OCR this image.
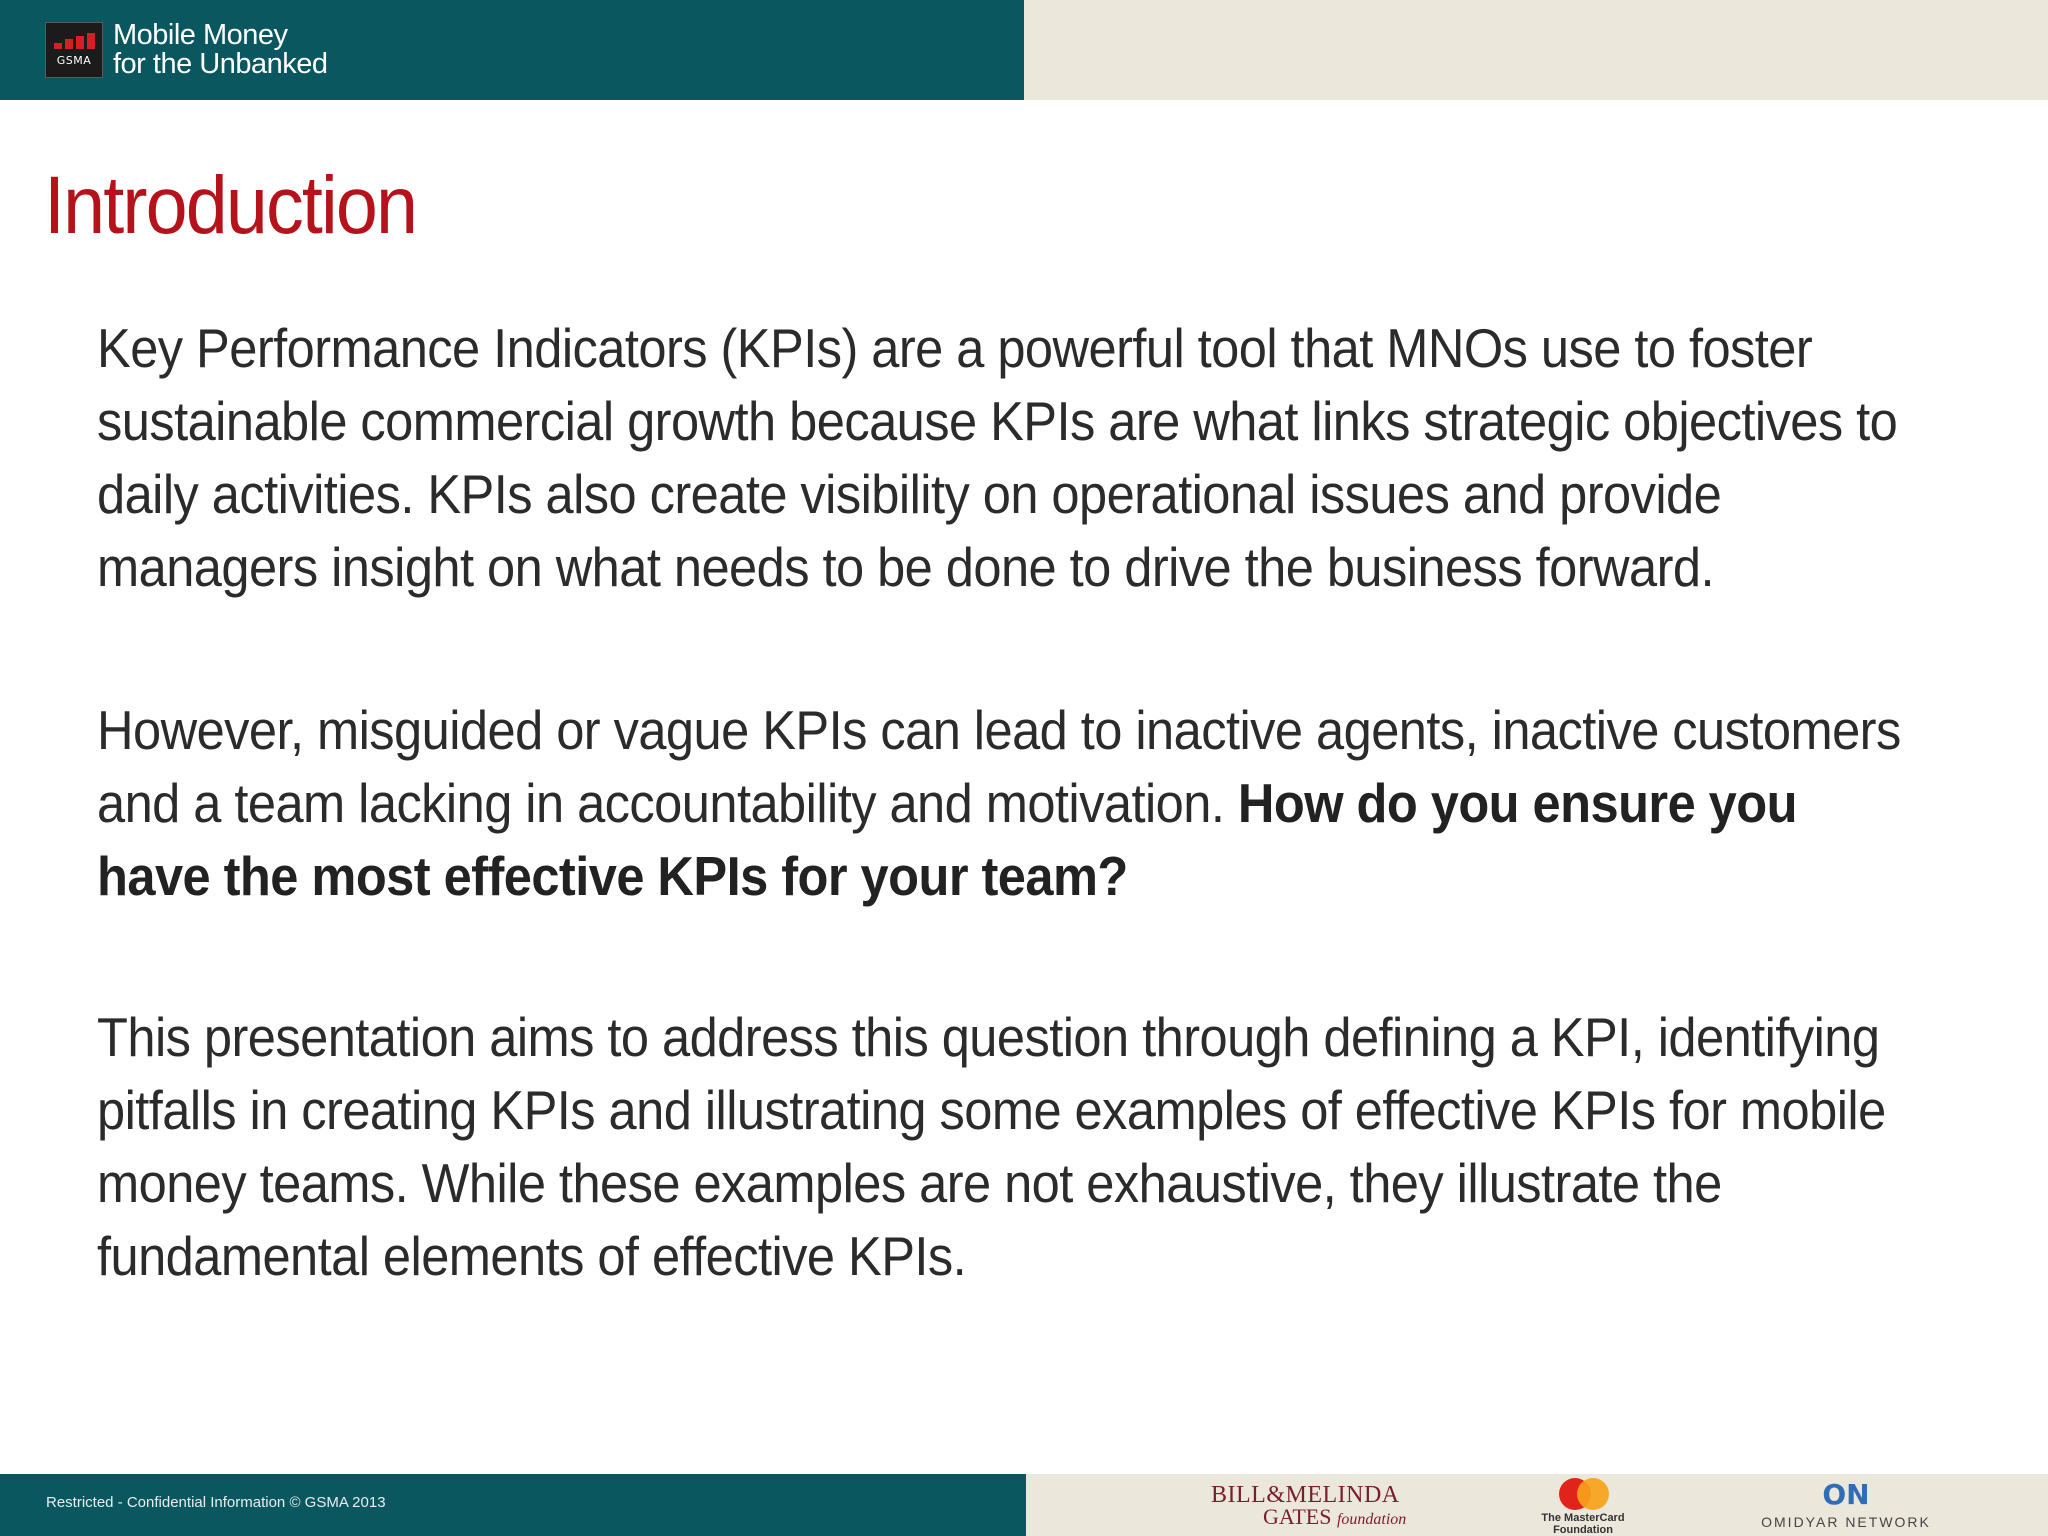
GSMA
Mobile Money
for the Unbanked
Introduction

Key Performance Indicators (KPIs) are a powerful tool that MNOs use to foster
sustainable commercial growth because KPIs are what links strategic objectives to
daily activities. KPIs also create visibility on operational issues and provide
managers insight on what needs to be done to drive the business forward.

However, misguided or vague KPIs can lead to inactive agents, inactive customers
and a team lacking in accountability and motivation. How do you ensure you
have the most effective KPIs for your team?

This presentation aims to address this question through defining a KPI, identifying
pitfalls in creating KPIs and illustrating some examples of effective KPIs for mobile
money teams. While these examples are not exhaustive, they illustrate the
fundamental elements of effective KPIs.

Restricted - Confidential Information © GSMA 2013	BILL&MELINDA
GATES foundation	The MasterCard Foundation
ON
OMIDYAR NETWORK
